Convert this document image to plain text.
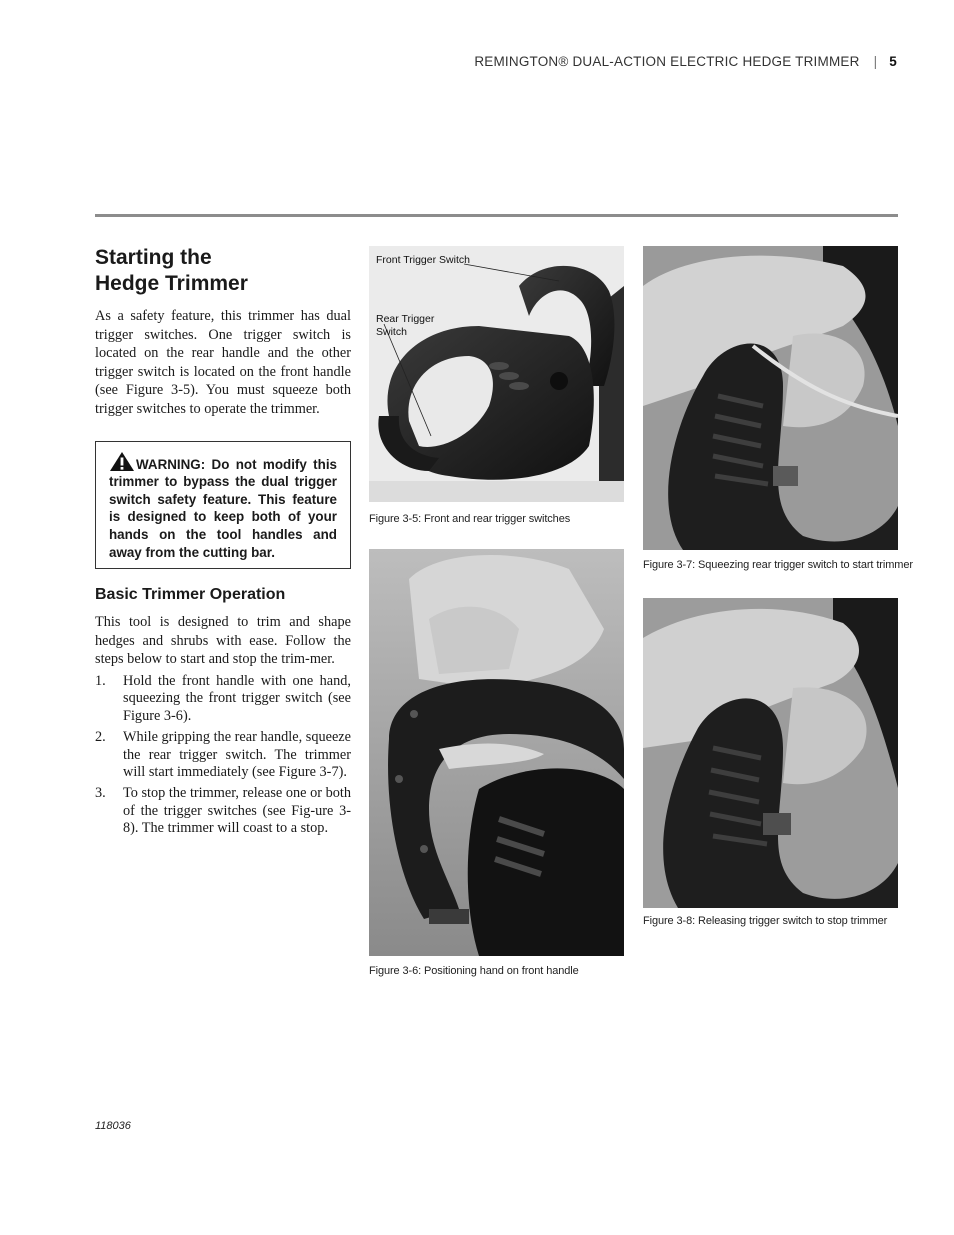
REMINGTON® DUAL-ACTION ELECTRIC HEDGE TRIMMER | 5
Starting the
Hedge Trimmer

As a safety feature, this trimmer has dual trigger switches. One trigger switch is located on the rear handle and the other trigger switch is located on the front handle (see Figure 3-5). You must squeeze both trigger switches to operate the trimmer.

WARNING: Do not modify this trimmer to bypass the dual trigger switch safety feature. This feature is designed to keep both of your hands on the tool handles and away from the cutting bar.
Basic Trimmer Operation

This tool is designed to trim and shape hedges and shrubs with ease. Follow the steps below to start and stop the trim-mer.

1. Hold the front handle with one hand, squeezing the front trigger switch (see Figure 3-6).
2. While gripping the rear handle, squeeze the rear trigger switch. The trimmer will start immediately (see Figure 3-7).
3. To stop the trimmer, release one or both of the trigger switches (see Fig-ure 3-8). The trimmer will coast to a stop.
Front Trigger Switch
Rear Trigger
Switch
Figure 3-5: Front and rear trigger switches
Figure 3-6: Positioning hand on front handle
Figure 3-7: Squeezing rear trigger switch to start trimmer
Figure 3-8: Releasing trigger switch to stop trimmer
118036
